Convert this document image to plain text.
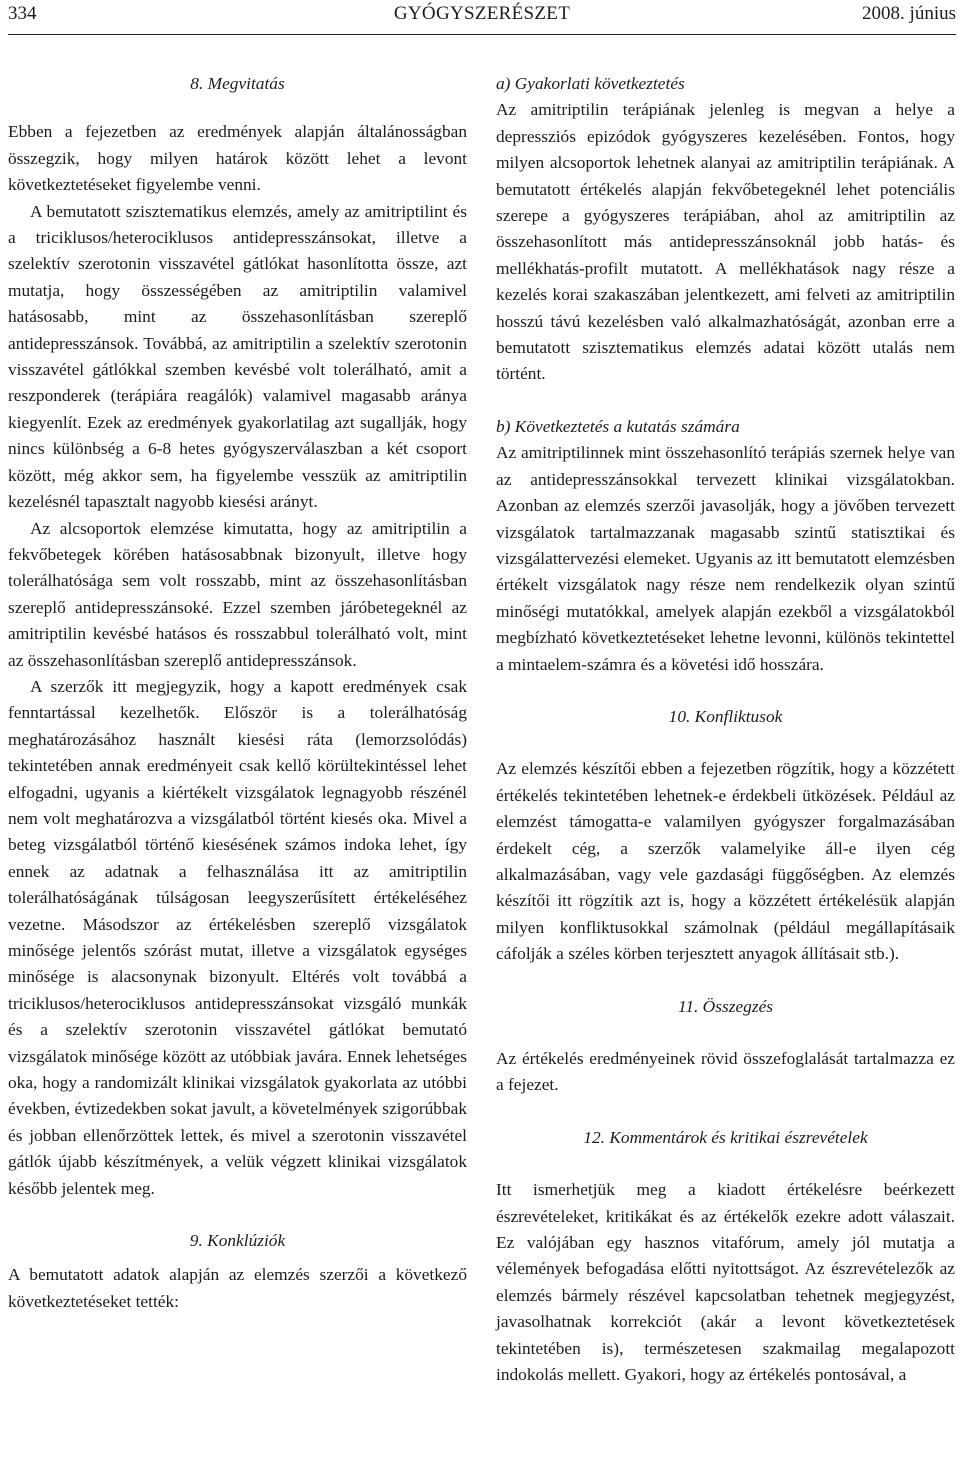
334	GYÓGYSZERÉSZET	2008. június
8. Megvitatás

Ebben a fejezetben az eredmények alapján általánosságban összegzik, hogy milyen határok között lehet a levont következtetéseket figyelembe venni.

A bemutatott szisztematikus elemzés, amely az amitriptilint és a triciklusos/heterociklusos antidepresszánsokat, illetve a szelektív szerotonin visszavétel gátlókat hasonlította össze, azt mutatja, hogy összességében az amitriptilin valamivel hatásosabb, mint az összehasonlításban szereplő antidepresszánsok. Továbbá, az amitriptilin a szelektív szerotonin visszavétel gátlókkal szemben kevésbé volt tolerálható, amit a reszponderek (terápiára reagálók) valamivel magasabb aránya kiegyenlít. Ezek az eredmények gyakorlatilag azt sugallják, hogy nincs különbség a 6-8 hetes gyógyszerválaszban a két csoport között, még akkor sem, ha figyelembe vesszük az amitriptilin kezelésnél tapasztalt nagyobb kiesési arányt.

Az alcsoportok elemzése kimutatta, hogy az amitriptilin a fekvőbetegek körében hatásosabbnak bizonyult, illetve hogy tolerálhatósága sem volt rosszabb, mint az összehasonlításban szereplő antidepresszánsoké. Ezzel szemben járóbetegeknél az amitriptilin kevésbé hatásos és rosszabbul tolerálható volt, mint az összehasonlításban szereplő antidepresszánsok.

A szerzők itt megjegyzik, hogy a kapott eredmények csak fenntartással kezelhetők. Először is a tolerálhatóság meghatározásához használt kiesési ráta (lemorzsolódás) tekintetében annak eredményeit csak kellő körültekintéssel lehet elfogadni, ugyanis a kiértékelt vizsgálatok legnagyobb részénél nem volt meghatározva a vizsgálatból történt kiesés oka. Mivel a beteg vizsgálatból történő kiesésének számos indoka lehet, így ennek az adatnak a felhasználása itt az amitriptilin tolerálhatóságának túlságosan leegyszerűsített értékeléséhez vezetne. Másodszor az értékelésben szereplő vizsgálatok minősége jelentős szórást mutat, illetve a vizsgálatok egységes minősége is alacsonynak bizonyult. Eltérés volt továbbá a triciklusos/heterociklusos antidepresszánsokat vizsgáló munkák és a szelektív szerotonin visszavétel gátlókat bemutató vizsgálatok minősége között az utóbbiak javára. Ennek lehetséges oka, hogy a randomizált klinikai vizsgálatok gyakorlata az utóbbi években, évtizedekben sokat javult, a követelmények szigorúbbak és jobban ellenőrzöttek lettek, és mivel a szerotonin visszavétel gátlók újabb készítmények, a velük végzett klinikai vizsgálatok később jelentek meg.

9. Konklúziók

A bemutatott adatok alapján az elemzés szerzői a következő következtetéseket tették:

a) Gyakorlati következtetés

Az amitriptilin terápiának jelenleg is megvan a helye a depressziós epizódok gyógyszeres kezelésében. Fontos, hogy milyen alcsoportok lehetnek alanyai az amitriptilin terápiának. A bemutatott értékelés alapján fekvőbetegeknél lehet potenciális szerepe a gyógyszeres terápiában, ahol az amitriptilin az összehasonlított más antidepresszánsoknál jobb hatás- és mellékhatás-profilt mutatott. A mellékhatások nagy része a kezelés korai szakaszában jelentkezett, ami felveti az amitriptilin hosszú távú kezelésben való alkalmazhatóságát, azonban erre a bemutatott szisztematikus elemzés adatai között utalás nem történt.

b) Következtetés a kutatás számára

Az amitriptilinnek mint összehasonlító terápiás szernek helye van az antidepresszánsokkal tervezett klinikai vizsgálatokban. Azonban az elemzés szerzői javasolják, hogy a jövőben tervezett vizsgálatok tartalmazzanak magasabb szintű statisztikai és vizsgálattervezési elemeket. Ugyanis az itt bemutatott elemzésben értékelt vizsgálatok nagy része nem rendelkezik olyan szintű minőségi mutatókkal, amelyek alapján ezekből a vizsgálatokból megbízható következtetéseket lehetne levonni, különös tekintettel a mintaelem-számra és a követési idő hosszára.

10. Konfliktusok

Az elemzés készítői ebben a fejezetben rögzítik, hogy a közzétett értékelés tekintetében lehetnek-e érdekbeli ütközések. Például az elemzést támogatta-e valamilyen gyógyszer forgalmazásában érdekelt cég, a szerzők valamelyike áll-e ilyen cég alkalmazásában, vagy vele gazdasági függőségben. Az elemzés készítői itt rögzítik azt is, hogy a közzétett értékelésük alapján milyen konfliktusokkal számolnak (például megállapításaik cáfolják a széles körben terjesztett anyagok állításait stb.).

11. Összegzés

Az értékelés eredményeinek rövid összefoglalását tartalmazza ez a fejezet.

12. Kommentárok és kritikai észrevételek

Itt ismerhetjük meg a kiadott értékelésre beérkezett észrevételeket, kritikákat és az értékelők ezekre adott válaszait. Ez valójában egy hasznos vitafórum, amely jól mutatja a vélemények befogadása előtti nyitottságot. Az észrevételezők az elemzés bármely részével kapcsolatban tehetnek megjegyzést, javasolhatnak korrekciót (akár a levont következtetések tekintetében is), természetesen szakmailag megalapozott indokolás mellett. Gyakori, hogy az értékelés pontosával, a
